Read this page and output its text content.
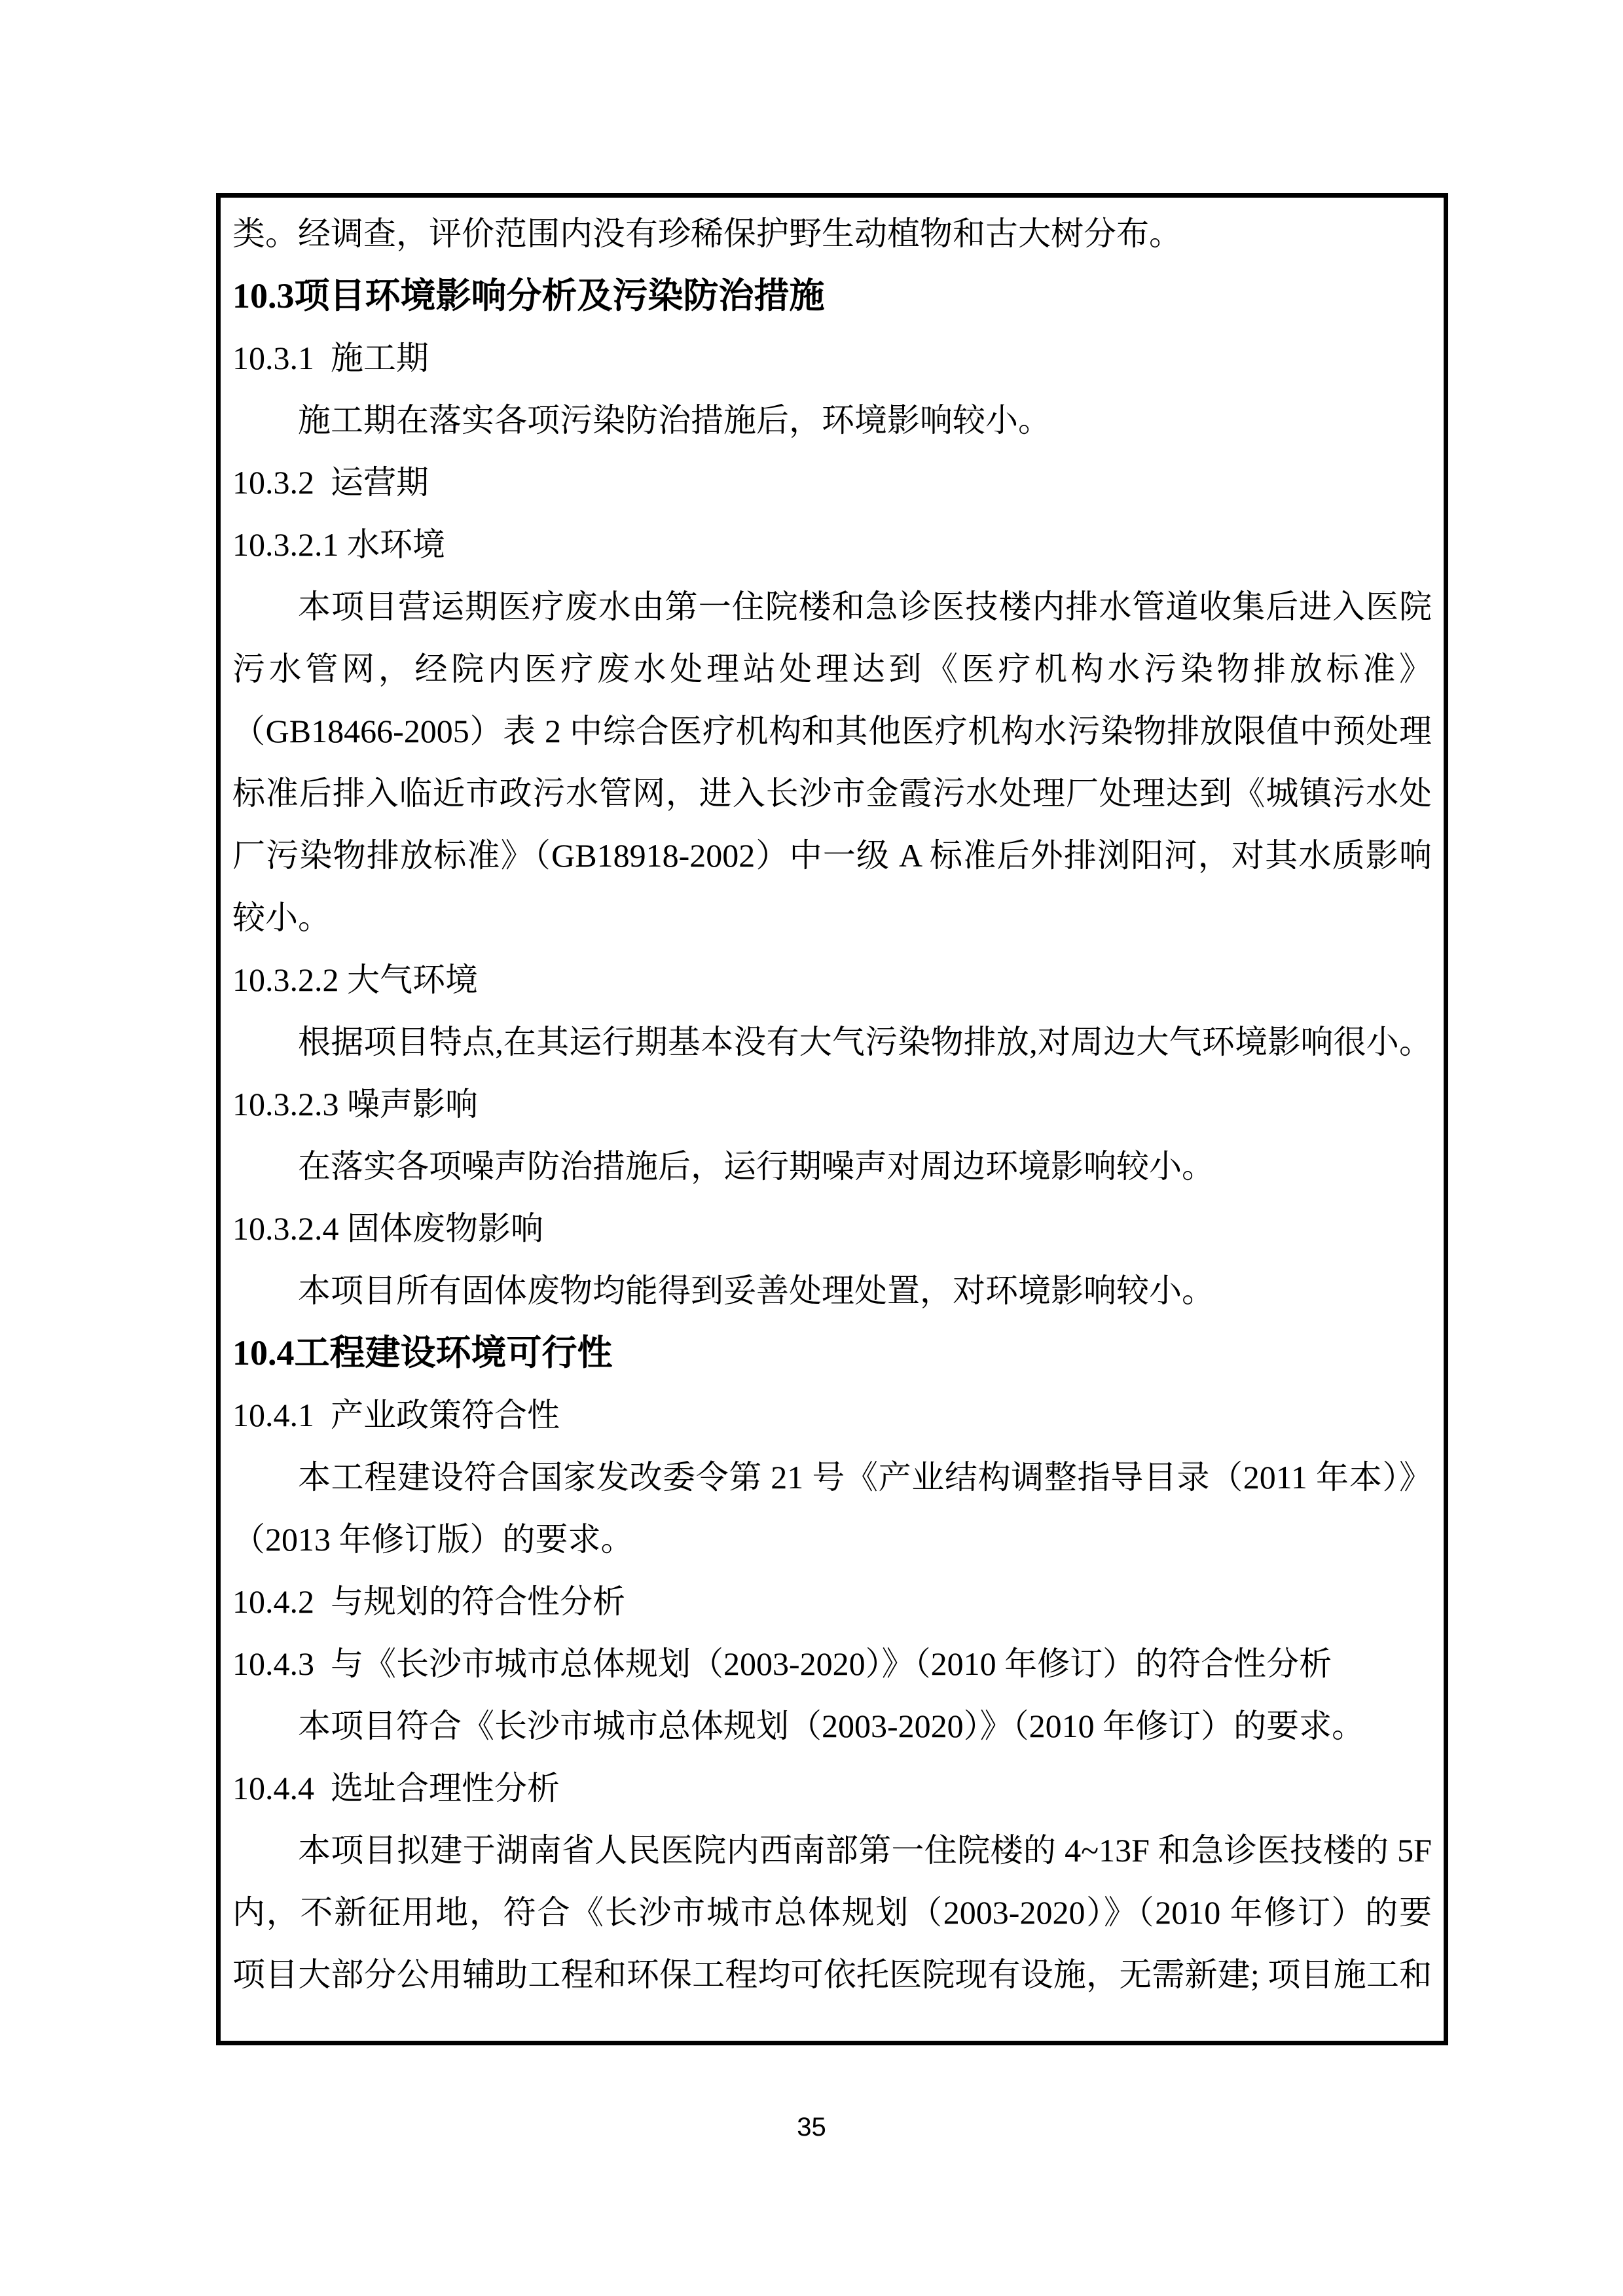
类。经调查，评价范围内没有珍稀保护野生动植物和古大树分布。
10.3项目环境影响分析及污染防治措施
10.3.1  施工期
施工期在落实各项污染防治措施后，环境影响较小。
10.3.2  运营期
10.3.2.1 水环境
本项目营运期医疗废水由第一住院楼和急诊医技楼内排水管道收集后进入医院
污水管网，经院内医疗废水处理站处理达到《医疗机构水污染物排放标准》
（GB18466-2005）表 2 中综合医疗机构和其他医疗机构水污染物排放限值中预处理
标准后排入临近市政污水管网，进入长沙市金霞污水处理厂处理达到《城镇污水处
厂污染物排放标准》（GB18918-2002）中一级 A 标准后外排浏阳河，对其水质影响
较小。
10.3.2.2 大气环境
根据项目特点,在其运行期基本没有大气污染物排放,对周边大气环境影响很小。
10.3.2.3 噪声影响
在落实各项噪声防治措施后，运行期噪声对周边环境影响较小。
10.3.2.4 固体废物影响
本项目所有固体废物均能得到妥善处理处置，对环境影响较小。
10.4工程建设环境可行性
10.4.1  产业政策符合性
本工程建设符合国家发改委令第 21 号《产业结构调整指导目录（2011 年本）》
（2013 年修订版）的要求。
10.4.2  与规划的符合性分析
10.4.3  与《长沙市城市总体规划（2003-2020）》（2010 年修订）的符合性分析
本项目符合《长沙市城市总体规划（2003-2020）》（2010 年修订）的要求。
10.4.4  选址合理性分析
本项目拟建于湖南省人民医院内西南部第一住院楼的 4~13F 和急诊医技楼的 5F
内，不新征用地，符合《长沙市城市总体规划（2003-2020）》（2010 年修订）的要
项目大部分公用辅助工程和环保工程均可依托医院现有设施，无需新建; 项目施工和
35
